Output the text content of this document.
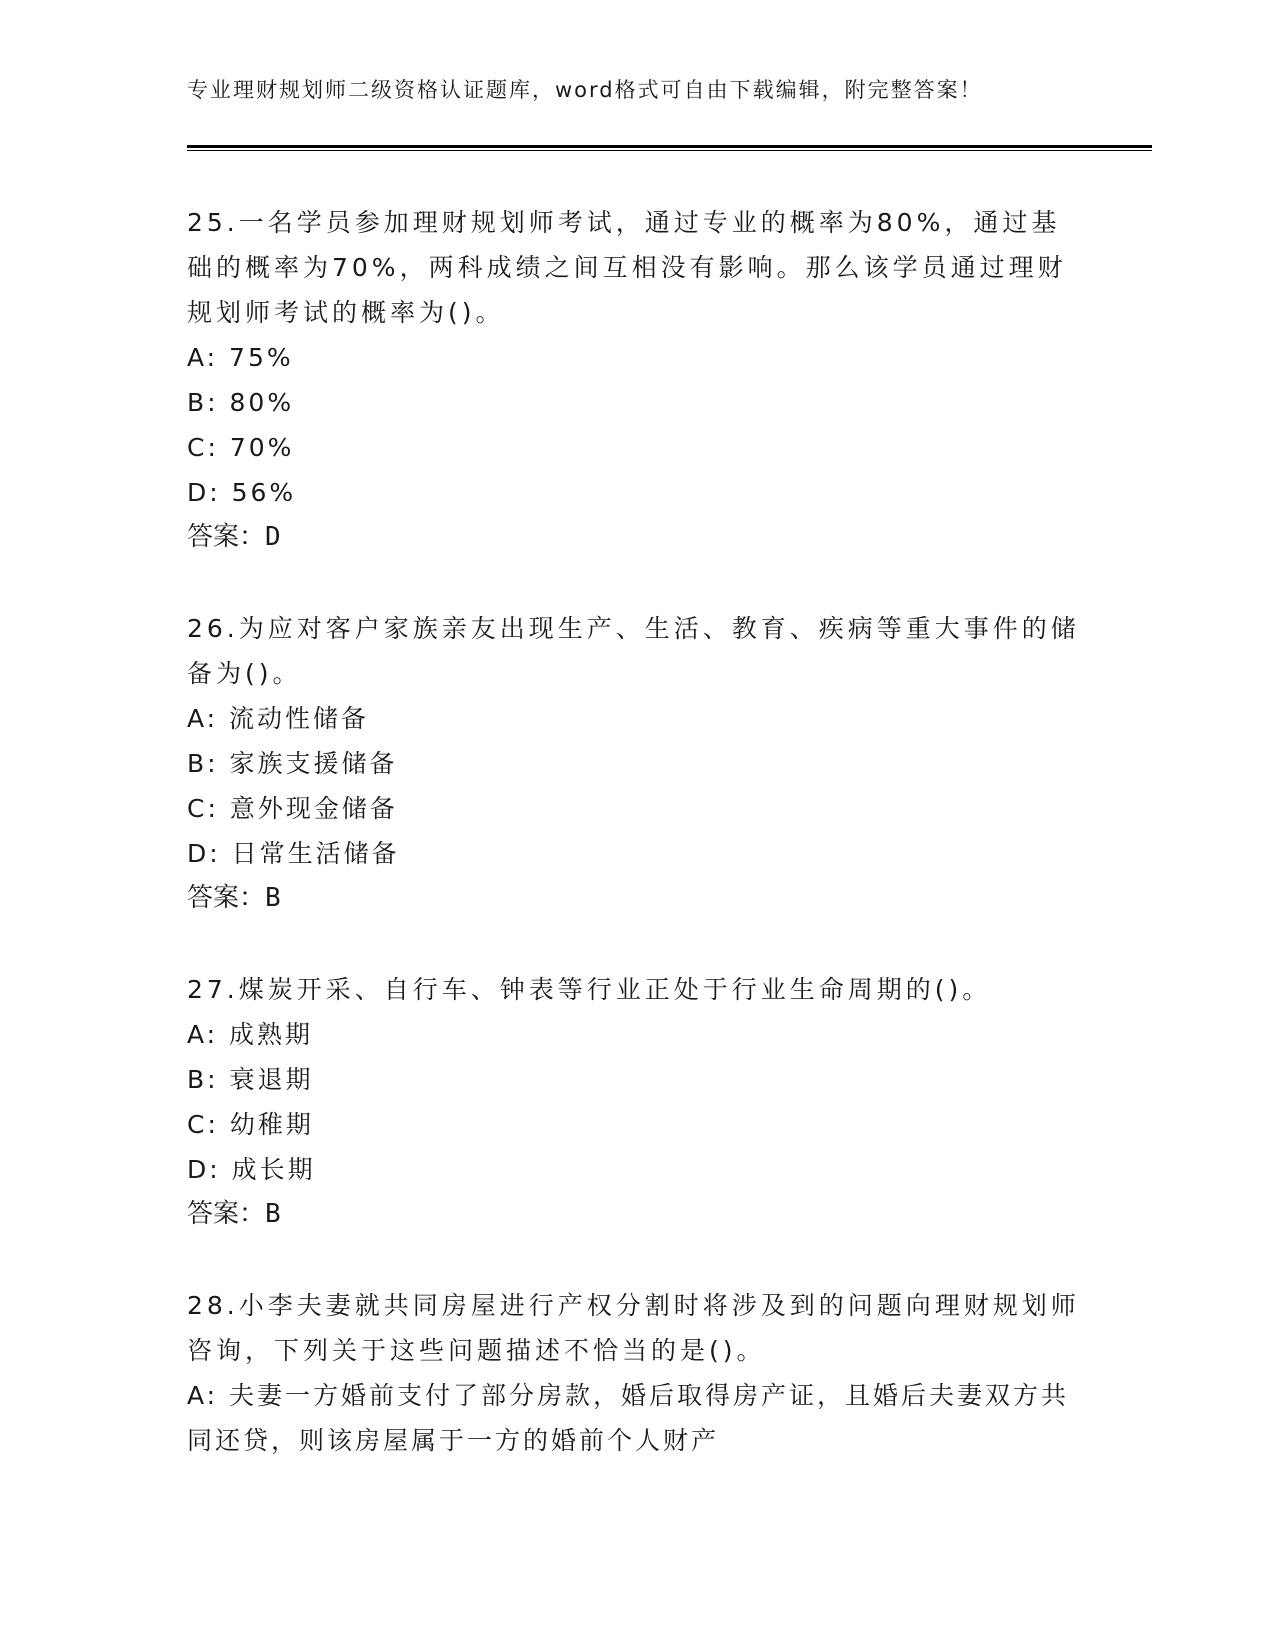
专业理财规划师二级资格认证题库，word格式可自由下载编辑，附完整答案！

25.一名学员参加理财规划师考试，通过专业的概率为80%，通过基础的概率为70%，两科成绩之间互相没有影响。那么该学员通过理财规划师考试的概率为()。

A: 75%
B: 80%
C: 70%
D: 56%
答案：D

26.为应对客户家族亲友出现生产、生活、教育、疾病等重大事件的储备为()。

A: 流动性储备
B: 家族支援储备
C: 意外现金储备
D: 日常生活储备
答案：B

27.煤炭开采、自行车、钟表等行业正处于行业生命周期的()。

A: 成熟期
B: 衰退期
C: 幼稚期
D: 成长期
答案：B

28.小李夫妻就共同房屋进行产权分割时将涉及到的问题向理财规划师咨询，下列关于这些问题描述不恰当的是()。

A: 夫妻一方婚前支付了部分房款，婚后取得房产证，且婚后夫妻双方共同还贷，则该房屋属于一方的婚前个人财产
